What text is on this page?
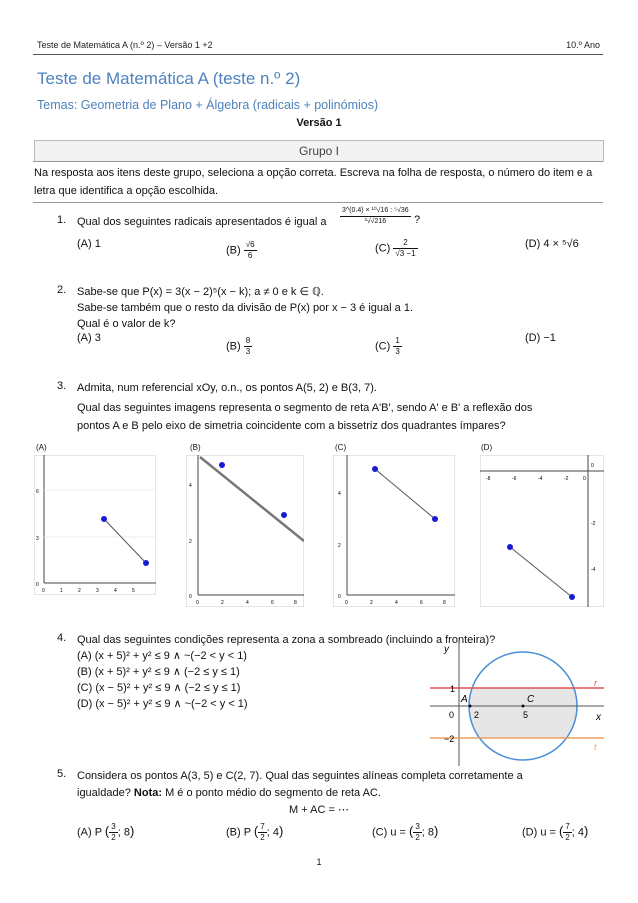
Teste de Matemática A (n.º 2) – Versão 1 +2	10.º Ano
Teste de Matemática A (teste n.º 2)
Temas: Geometria de Plano + Álgebra (radicais + polinómios)
Versão 1
Grupo I
Na resposta aos itens deste grupo, seleciona a opção correta. Escreva na folha de resposta, o número do item e a letra que identifica a opção escolhida.
1. Qual dos seguintes radicais apresentados é igual a $\frac{\text{3\textasciicircum{}(0.4) × ¹⁰√16 : ⁵√36}}{\text{³√√216}}$ ?
(A) 1
$(B) \frac{√6}{6}$	$(C) \frac{2}{√3 -1}$	(D) 4 × ⁵√6
2. Sabe-se que P(x) = 3(x − 2)⁵(x − k); a ≠ 0 e k ∈ ℚ.
Sabe-se também que o resto da divisão de P(x) por x − 3 é igual a 1.
Qual é o valor de k?
(A) 3
$(B) \frac{8}{3}$	$(C) \frac{1}{3}$	(D) −1
3. Admita, num referencial xOy, o.n., os pontos A(5, 2) e B(3, 7).
Qual das seguintes imagens representa o segmento de reta A'B', sendo A' e B' a reflexão dos
pontos A e B pelo eixo de simetria coincidente com a bissetriz dos quadrantes ímpares?
(A)	(B)	(C)	(D)
6
3
0
0	1	2	3	4	5
4
2
0
0	2	4	6	8
4
2
0
0	2	4	6	8
0
-2
-4
-8	-6	-4	-2	0
4. Qual das seguintes condições representa a zona a sombreado (incluindo a fronteira)?
(A) (x + 5)² + y² ≤ 9 ∧ ~(−2 < y < 1)
(B) (x + 5)² + y² ≤ 9 ∧ (−2 ≤ y ≤ 1)
(C) (x − 5)² + y² ≤ 9 ∧ (−2 ≤ y ≤ 1)
(D) (x − 5)² + y² ≤ 9 ∧ ~(−2 < y < 1)
y
x
r
t
1
0
−2
A
2
C
5
5. Considera os pontos A(3, 5) e C(2, 7). Qual das seguintes alíneas completa corretamente a
igualdade? Nota: M é o ponto médio do segmento de reta AC.
M + AC = ⋯
(A) P ( $\frac{3}{2}$ ; 8)	(B) P ( $\frac{7}{2}$ ; 4)	(C) u = ( $\frac{3}{2}$ ; 8)	(D) u = ( $\frac{7}{2}$ ; 4)
1
